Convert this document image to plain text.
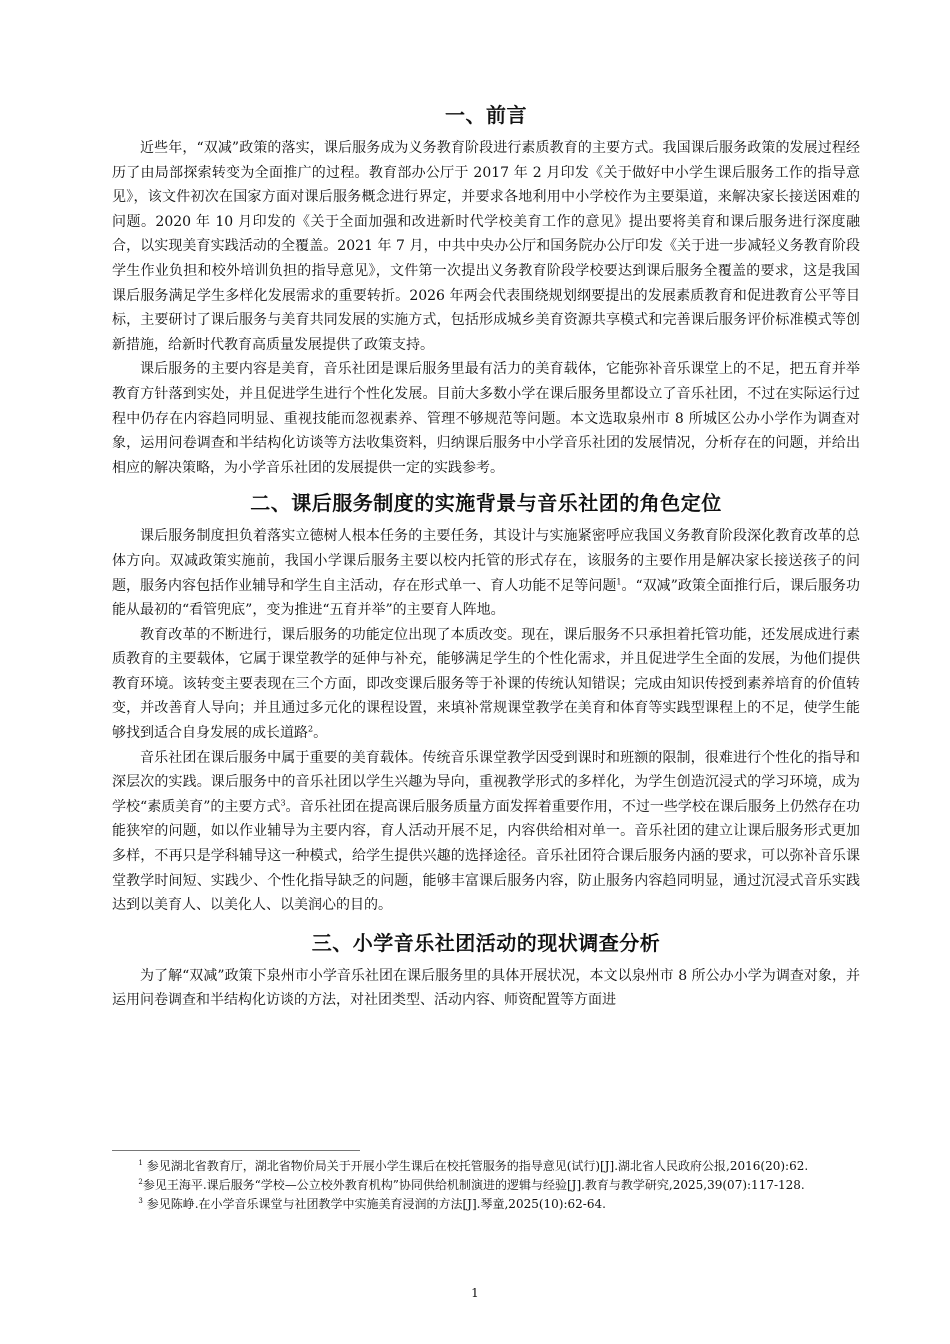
一、前言

近些年，“双减”政策的落实，课后服务成为义务教育阶段进行素质教育的主要方式。我国课后服务政策的发展过程经历了由局部探索转变为全面推广的过程。教育部办公厅于 2017 年 2 月印发《关于做好中小学生课后服务工作的指导意见》，该文件初次在国家方面对课后服务概念进行界定，并要求各地利用中小学校作为主要渠道，来解决家长接送困难的问题。2020 年 10 月印发的《关于全面加强和改进新时代学校美育工作的意见》提出要将美育和课后服务进行深度融合，以实现美育实践活动的全覆盖。2021 年 7 月，中共中央办公厅和国务院办公厅印发《关于进一步减轻义务教育阶段学生作业负担和校外培训负担的指导意见》，文件第一次提出义务教育阶段学校要达到课后服务全覆盖的要求，这是我国课后服务满足学生多样化发展需求的重要转折。2026 年两会代表围绕规划纲要提出的发展素质教育和促进教育公平等目标，主要研讨了课后服务与美育共同发展的实施方式，包括形成城乡美育资源共享模式和完善课后服务评价标准模式等创新措施，给新时代教育高质量发展提供了政策支持。

课后服务的主要内容是美育，音乐社团是课后服务里最有活力的美育载体，它能弥补音乐课堂上的不足，把五育并举教育方针落到实处，并且促进学生进行个性化发展。目前大多数小学在课后服务里都设立了音乐社团，不过在实际运行过程中仍存在内容趋同明显、重视技能而忽视素养、管理不够规范等问题。本文选取泉州市 8 所城区公办小学作为调查对象，运用问卷调查和半结构化访谈等方法收集资料，归纳课后服务中小学音乐社团的发展情况，分析存在的问题，并给出相应的解决策略，为小学音乐社团的发展提供一定的实践参考。

二、课后服务制度的实施背景与音乐社团的角色定位

课后服务制度担负着落实立德树人根本任务的主要任务，其设计与实施紧密呼应我国义务教育阶段深化教育改革的总体方向。双减政策实施前，我国小学课后服务主要以校内托管的形式存在，该服务的主要作用是解决家长接送孩子的问题，服务内容包括作业辅导和学生自主活动，存在形式单一、育人功能不足等问题$^1$。“双减”政策全面推行后，课后服务功能从最初的“看管兜底”，变为推进“五育并举”的主要育人阵地。

教育改革的不断进行，课后服务的功能定位出现了本质改变。现在，课后服务不只承担着托管功能，还发展成进行素质教育的主要载体，它属于课堂教学的延伸与补充，能够满足学生的个性化需求，并且促进学生全面的发展，为他们提供教育环境。该转变主要表现在三个方面，即改变课后服务等于补课的传统认知错误；完成由知识传授到素养培育的价值转变，并改善育人导向；并且通过多元化的课程设置，来填补常规课堂教学在美育和体育等实践型课程上的不足，使学生能够找到适合自身发展的成长道路$^2$。

音乐社团在课后服务中属于重要的美育载体。传统音乐课堂教学因受到课时和班额的限制，很难进行个性化的指导和深层次的实践。课后服务中的音乐社团以学生兴趣为导向，重视教学形式的多样化，为学生创造沉浸式的学习环境，成为学校“素质美育”的主要方式$^3$。音乐社团在提高课后服务质量方面发挥着重要作用，不过一些学校在课后服务上仍然存在功能狭窄的问题，如以作业辅导为主要内容，育人活动开展不足，内容供给相对单一。音乐社团的建立让课后服务形式更加多样，不再只是学科辅导这一种模式，给学生提供兴趣的选择途径。音乐社团符合课后服务内涵的要求，可以弥补音乐课堂教学时间短、实践少、个性化指导缺乏的问题，能够丰富课后服务内容，防止服务内容趋同明显，通过沉浸式音乐实践达到以美育人、以美化人、以美润心的目的。

三、小学音乐社团活动的现状调查分析

为了解“双减”政策下泉州市小学音乐社团在课后服务里的具体开展状况，本文以泉州市 8 所公办小学为调查对象，并运用问卷调查和半结构化访谈的方法，对社团类型、活动内容、师资配置等方面进

$^1$ 参见湖北省教育厅，湖北省物价局关于开展小学生课后在校托管服务的指导意见(试行)[J].湖北省人民政府公报,2016(20):62.

$^2$参见王海平.课后服务“学校—公立校外教育机构”协同供给机制演进的逻辑与经验[J].教育与教学研究,2025,39(07):117-128.

$^3$ 参见陈峥.在小学音乐课堂与社团教学中实施美育浸润的方法[J].琴童,2025(10):62-64.

1
